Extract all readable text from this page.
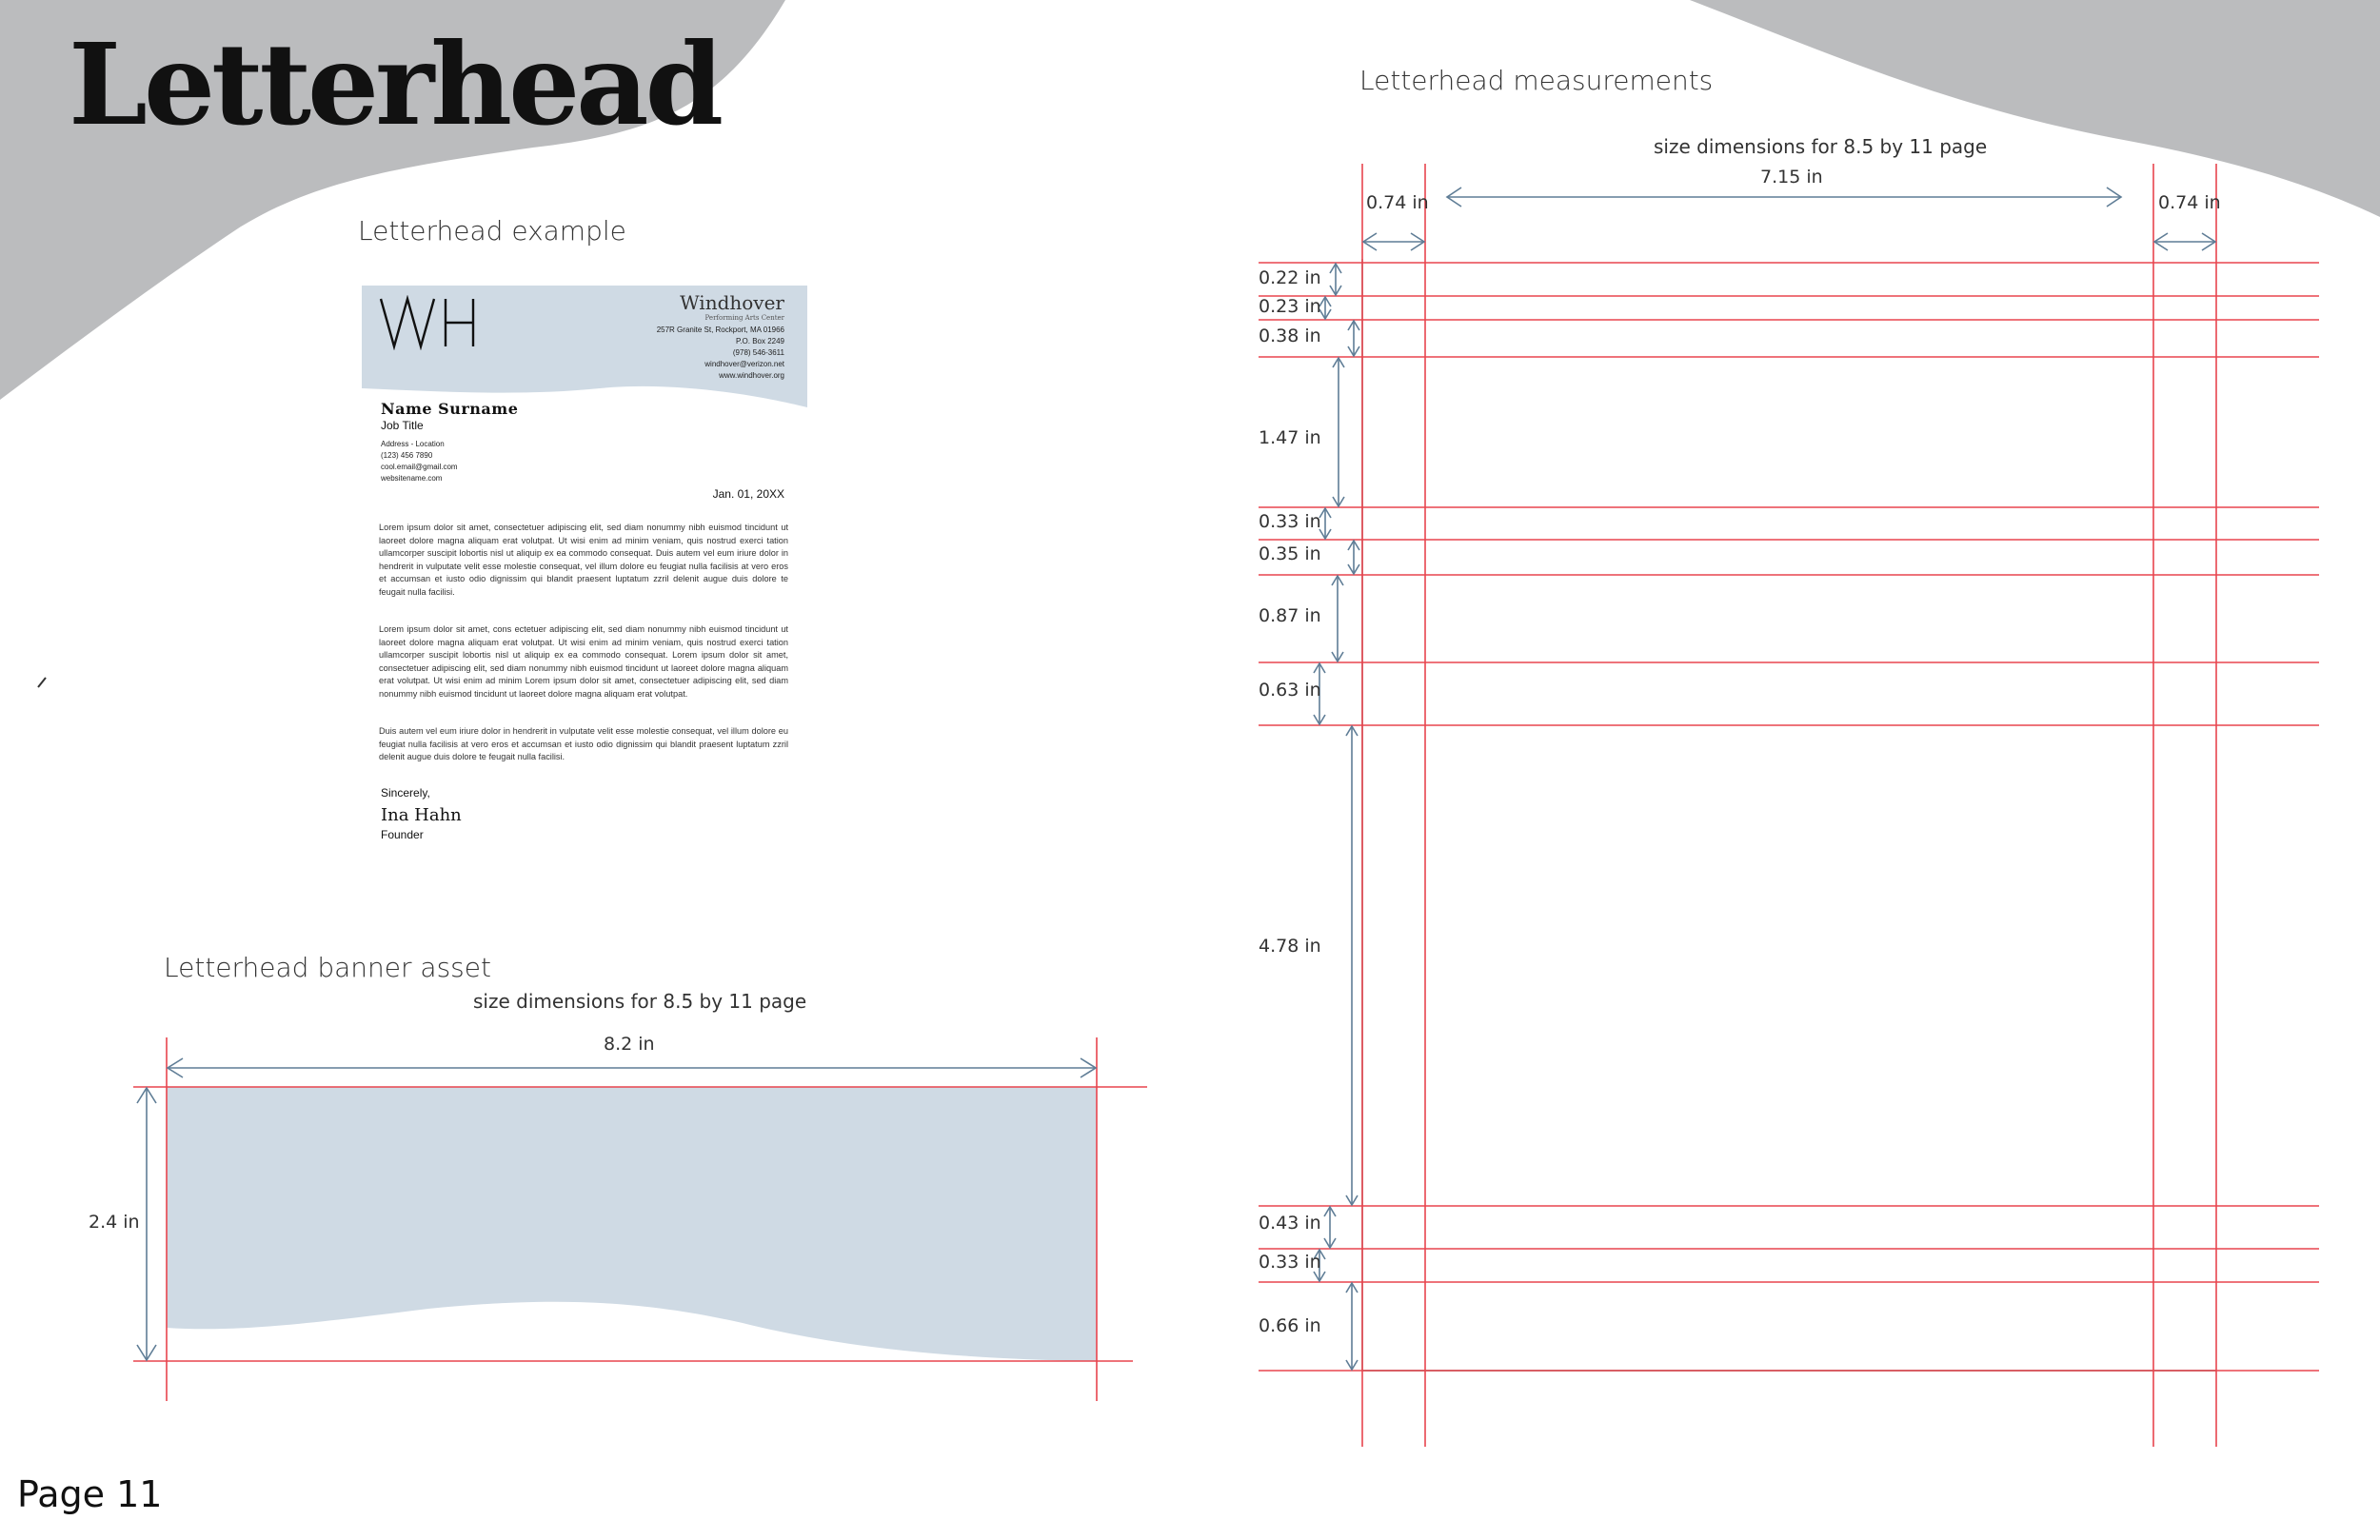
Letterhead
Letterhead example
Windhover
Performing Arts Center
257R Granite St, Rockport, MA 01966
P.O. Box 2249
(978) 546-3611
windhover@verizon.net
www.windhover.org
Name Surname
Job Title
Address - Location
(123) 456 7890
cool.email@gmail.com
websitename.com
Jan. 01, 20XX
Lorem ipsum dolor sit amet, consectetuer adipiscing elit, sed diam nonummy nibh euismod tincidunt ut laoreet dolore magna aliquam erat volutpat. Ut wisi enim ad minim veniam, quis nostrud exerci tation ullamcorper suscipit lobortis nisl ut aliquip ex ea commodo consequat. Duis autem vel eum iriure dolor in hendrerit in vulputate velit esse molestie consequat, vel illum dolore eu feugiat nulla facilisis at vero eros et accumsan et iusto odio dignissim qui blandit praesent luptatum zzril delenit augue duis dolore te feugait nulla facilisi.
Lorem ipsum dolor sit amet, cons ectetuer adipiscing elit, sed diam nonummy nibh euismod tincidunt ut laoreet dolore magna aliquam erat volutpat. Ut wisi enim ad minim veniam, quis nostrud exerci tation ullamcorper suscipit lobortis nisl ut aliquip ex ea commodo consequat. Lorem ipsum dolor sit amet, consectetuer adipiscing elit, sed diam nonummy nibh euismod tincidunt ut laoreet dolore magna aliquam erat volutpat. Ut wisi enim ad minim Lorem ipsum dolor sit amet, consectetuer adipiscing elit, sed diam nonummy nibh euismod tincidunt ut laoreet dolore magna aliquam erat volutpat.
Duis autem vel eum iriure dolor in hendrerit in vulputate velit esse molestie consequat, vel illum dolore eu feugiat nulla facilisis at vero eros et accumsan et iusto odio dignissim qui blandit praesent luptatum zzril delenit augue duis dolore te feugait nulla facilisi.
Sincerely,
Ina Hahn
Founder
Letterhead banner asset
size dimensions for 8.5 by 11 page
8.2 in
2.4 in
Letterhead measurements
size dimensions for 8.5 by 11 page
0.74 in
7.15 in
0.74 in
0.22 in
0.23 in
0.38 in
1.47 in
0.33 in
0.35 in
0.87 in
0.63 in
4.78 in
0.43 in
0.33 in
0.66 in
Page 11
